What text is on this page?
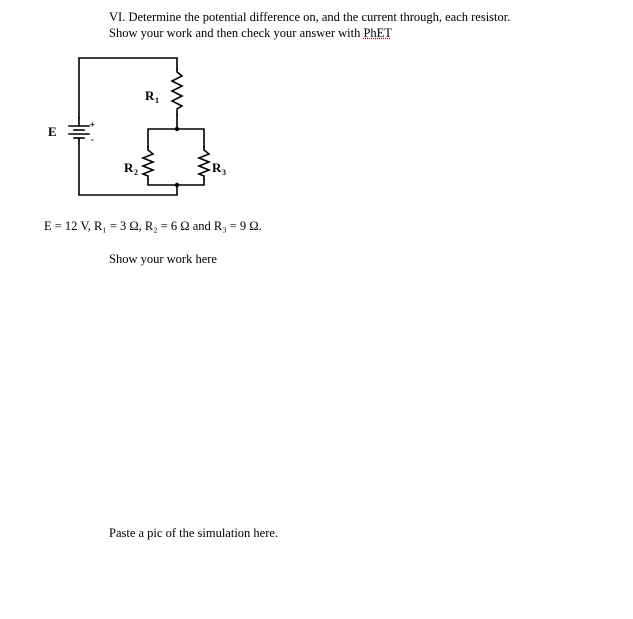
VI. Determine the potential difference on, and the current through, each resistor.
Show your work and then check your answer with PhET
E	+
-
R 1
R 2	R 3
E = 12 V, R₁ = 3 Ω, R₂ = 6 Ω and R₃ = 9 Ω.
Show your work here
Paste a pic of the simulation here.
